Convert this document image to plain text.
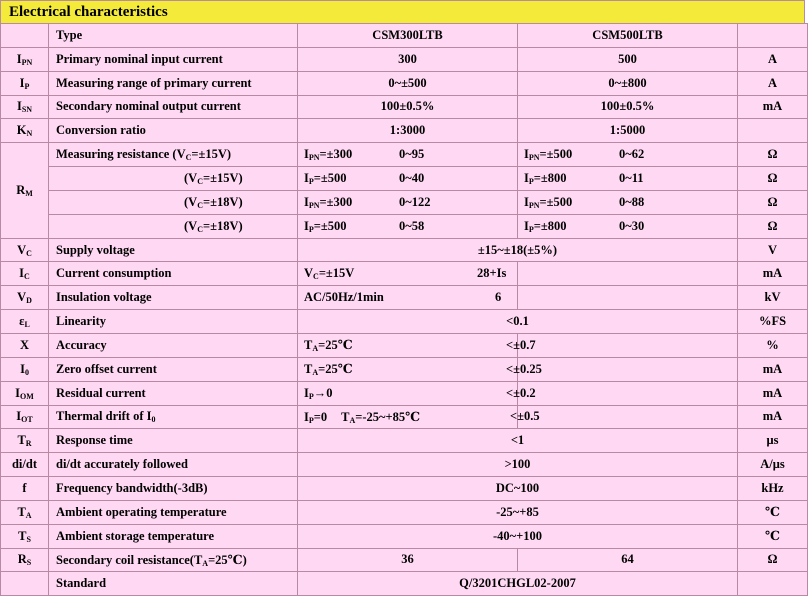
Electrical characteristics
	Type	CSM300LTB	CSM500LTB	
$I_{PN}$	Primary nominal input current	300	500	A
$I_P$	Measuring range of primary current	0~±500	0~±800	A
$I_{SN}$	Secondary nominal output current	100±0.5%	100±0.5%	mA
$K_N$	Conversion ratio	1:3000	1:5000	
$R_M$	Measuring resistance $(V_C=\pm 15V)$	$I_{PN}=\pm 300$ 0~95	$I_{PN}=\pm 500$ 0~62	Ω
	$(V_C=\pm 15V)$	$I_P=\pm 500$ 0~40	$I_P=\pm 800$ 0~11	Ω
	$(V_C=\pm 18V)$	$I_{PN}=\pm 300$ 0~122	$I_{PN}=\pm 500$ 0~88	Ω
	$(V_C=\pm 18V)$	$I_P=\pm 500$ 0~58	$I_P=\pm 800$ 0~30	Ω
$V_C$	Supply voltage	±15~±18(±5%)		V
$I_C$	Current consumption	$V_C=\pm 15V$	28+Is	mA
$V_D$	Insulation voltage	AC/50Hz/1min	6	kV
$\varepsilon_L$	Linearity	<0.1		%FS
X	Accuracy	$T_A=25℃$	<±0.7	%
$I_0$	Zero offset current	$T_A=25℃$	<±0.25	mA
$I_{OM}$	Residual current	$I_P\to 0$	<±0.2	mA
$I_{OT}$	Thermal drift of $I_0$	$I_P=0$ $T_A=-25\sim+85℃$	<±0.5	mA
$T_R$	Response time	<1		μs
di/dt	di/dt accurately followed	>100		A/μs
f	Frequency bandwidth(-3dB)	DC~100		kHz
$T_A$	Ambient operating temperature	-25~+85		℃
$T_S$	Ambient storage temperature	-40~+100		℃
$R_S$	Secondary coil $resistance(T_A=25℃)$	36	64	Ω
	Standard	Q/3201CHGL02-2007		
